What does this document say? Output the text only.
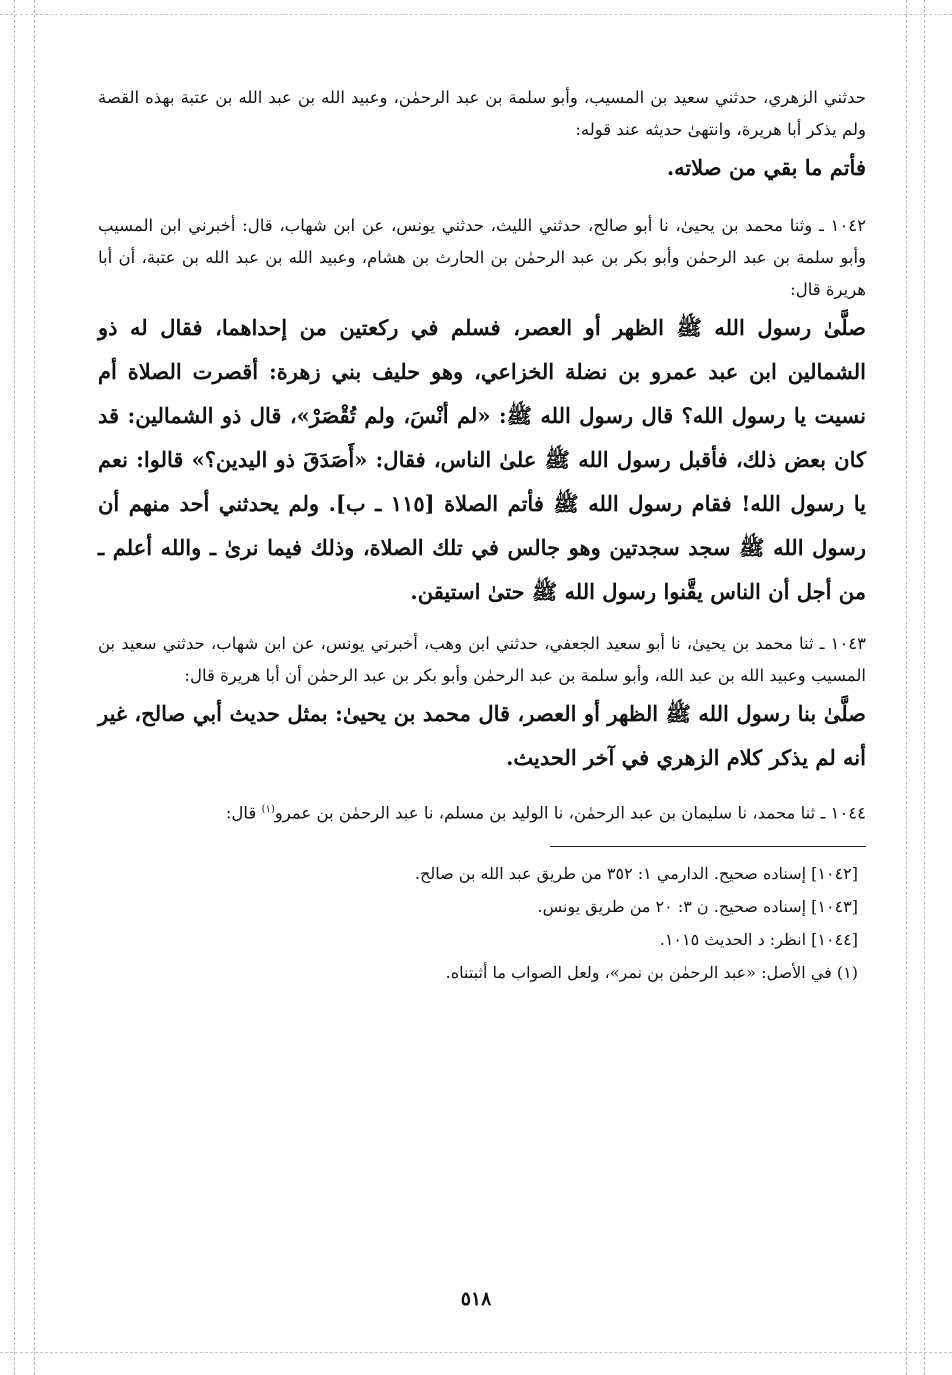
حدثني الزهري، حدثني سعيد بن المسيب، وأبو سلمة بن عبد الرحمٰن، وعبيد الله بن عبد الله بن عتبة بهذه القصة ولم يذكر أبا هريرة، وانتهىٰ حديثه عند قوله:

فأتم ما بقي من صلاته.

١٠٤٢ ـ وثنا محمد بن يحيىٰ، نا أبو صالح، حدثني الليث، حدثني يونس، عن ابن شهاب، قال: أخبرني ابن المسيب وأبو سلمة بن عبد الرحمٰن وأبو بكر بن عبد الرحمٰن بن الحارث بن هشام، وعبيد الله بن عبد الله بن عتبة، أن أبا هريرة قال:

صلَّىٰ رسول الله ﷺ الظهر أو العصر، فسلم في ركعتين من إحداهما، فقال له ذو الشمالين ابن عبد عمرو بن نضلة الخزاعي، وهو حليف بني زهرة: أقصرت الصلاة أم نسيت يا رسول الله؟ قال رسول الله ﷺ: «لم أنْسَ، ولم تُقْصَرْ»، قال ذو الشمالين: قد كان بعض ذلك، فأقبل رسول الله ﷺ علىٰ الناس، فقال: «أَصَدَقَ ذو اليدين؟» قالوا: نعم يا رسول الله! فقام رسول الله ﷺ فأتم الصلاة [١١٥ ـ ب]. ولم يحدثني أحد منهم أن رسول الله ﷺ سجد سجدتين وهو جالس في تلك الصلاة، وذلك فيما نرىٰ ـ والله أعلم ـ من أجل أن الناس يقَّنوا رسول الله ﷺ حتىٰ استيقن.

١٠٤٣ ـ ثنا محمد بن يحيىٰ، نا أبو سعيد الجعفي، حدثني ابن وهب، أخبرني يونس، عن ابن شهاب، حدثني سعيد بن المسيب وعبيد الله بن عبد الله، وأبو سلمة بن عبد الرحمٰن وأبو بكر بن عبد الرحمٰن أن أبا هريرة قال:

صلَّىٰ بنا رسول الله ﷺ الظهر أو العصر، قال محمد بن يحيىٰ: بمثل حديث أبي صالح، غير أنه لم يذكر كلام الزهري في آخر الحديث.

١٠٤٤ ـ ثنا محمد، نا سليمان بن عبد الرحمٰن، نا الوليد بن مسلم، نا عبد الرحمٰن بن عمرو$^{(١)}$ قال:

[١٠٤٢] إسناده صحيح. الدارمي ١: ٣٥٢ من طريق عبد الله بن صالح.

[١٠٤٣] إسناده صحيح. ن ٣: ٢٠ من طريق يونس.

[١٠٤٤] انظر: د الحديث ١٠١٥.

(١) في الأصل: «عبد الرحمٰن بن نمر»، ولعل الصواب ما أثبتناه.

٥١٨
